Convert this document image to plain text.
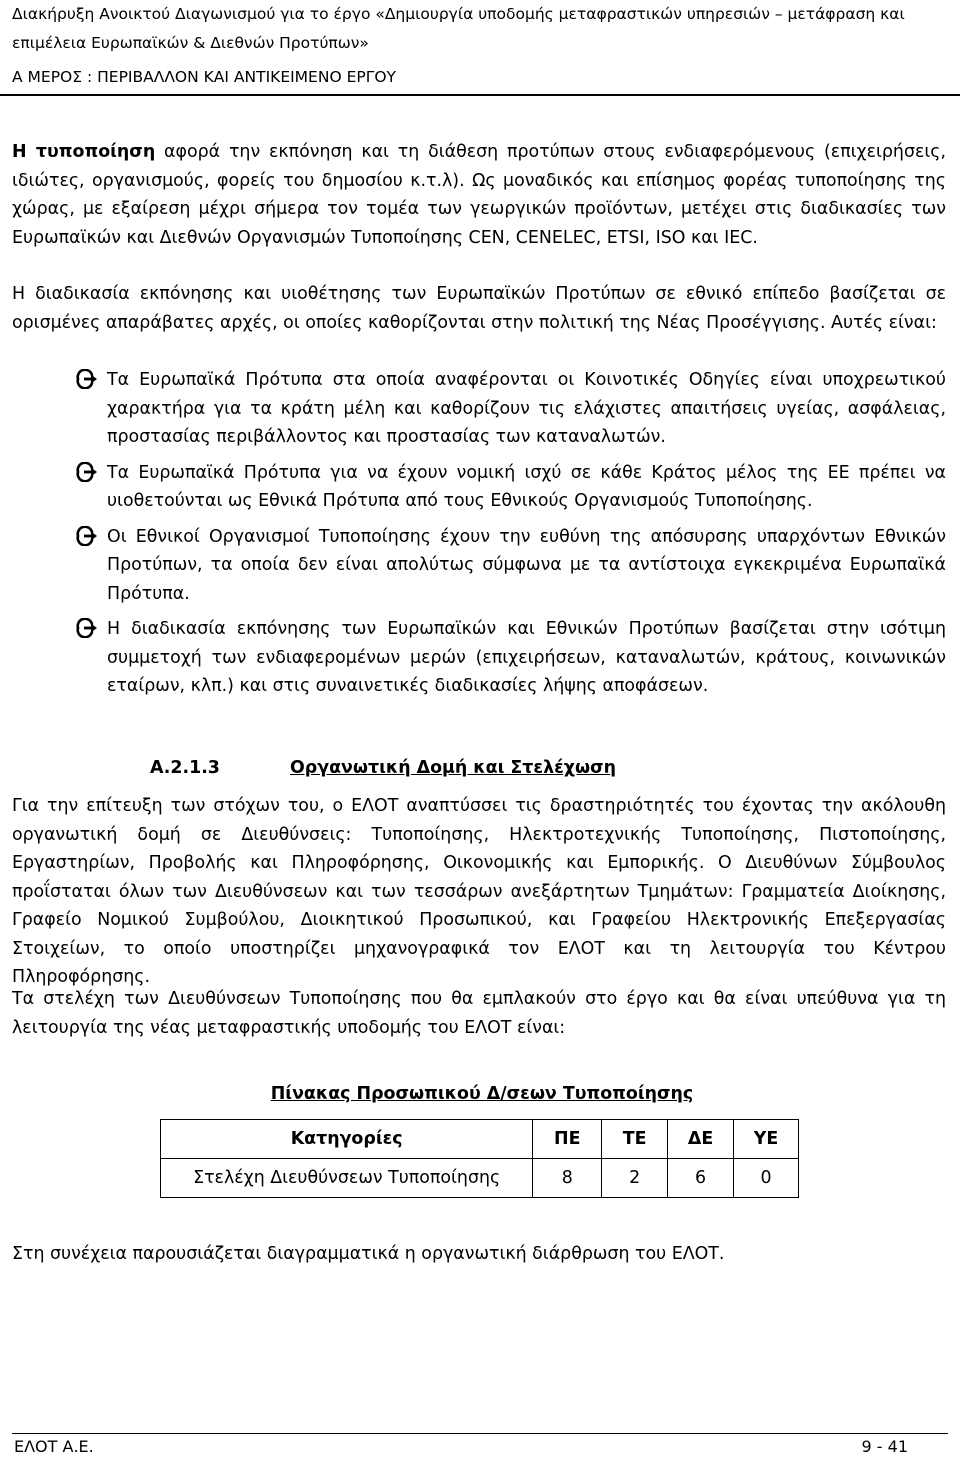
Διακήρυξη Ανοικτού Διαγωνισμού για το έργο «Δημιουργία υποδομής μεταφραστικών υπηρεσιών – μετάφραση και
επιμέλεια Ευρωπαϊκών & Διεθνών Προτύπων»
Α ΜΕΡΟΣ : ΠΕΡΙΒΑΛΛΟΝ ΚΑΙ ΑΝΤΙΚΕΙΜΕΝΟ ΕΡΓΟΥ
Η τυποποίηση αφορά την εκπόνηση και τη διάθεση προτύπων στους ενδιαφερόμενους (επιχειρήσεις, ιδιώτες, οργανισμούς, φορείς του δημοσίου κ.τ.λ). Ως μοναδικός και επίσημος φορέας τυποποίησης της χώρας, με εξαίρεση μέχρι σήμερα τον τομέα των γεωργικών προϊόντων, μετέχει στις διαδικασίες των Ευρωπαϊκών και Διεθνών Οργανισμών Τυποποίησης CEN, CENELEC, ETSI, ISO και IEC.
Η διαδικασία εκπόνησης και υιοθέτησης των Ευρωπαϊκών Προτύπων σε εθνικό επίπεδο βασίζεται σε ορισμένες απαράβατες αρχές, οι οποίες καθορίζονται στην πολιτική της Νέας Προσέγγισης. Αυτές είναι:
Τα Ευρωπαϊκά Πρότυπα στα οποία αναφέρονται οι Κοινοτικές Οδηγίες είναι υποχρεωτικού χαρακτήρα για τα κράτη μέλη και καθορίζουν τις ελάχιστες απαιτήσεις υγείας, ασφάλειας, προστασίας περιβάλλοντος και προστασίας των καταναλωτών.
Τα Ευρωπαϊκά Πρότυπα για να έχουν νομική ισχύ σε κάθε Κράτος μέλος της ΕΕ πρέπει να υιοθετούνται ως Εθνικά Πρότυπα από τους Εθνικούς Οργανισμούς Τυποποίησης.
Οι Εθνικοί Οργανισμοί Τυποποίησης έχουν την ευθύνη της απόσυρσης υπαρχόντων Εθνικών Προτύπων, τα οποία δεν είναι απολύτως σύμφωνα με τα αντίστοιχα εγκεκριμένα Ευρωπαϊκά Πρότυπα.
Η διαδικασία εκπόνησης των Ευρωπαϊκών και Εθνικών Προτύπων βασίζεται στην ισότιμη συμμετοχή των ενδιαφερομένων μερών (επιχειρήσεων, καταναλωτών, κράτους, κοινωνικών εταίρων, κλπ.) και στις συναινετικές διαδικασίες λήψης αποφάσεων.
A.2.1.3	Οργανωτική Δομή και Στελέχωση
Για την επίτευξη των στόχων του, ο ΕΛΟΤ αναπτύσσει τις δραστηριότητές του έχοντας την ακόλουθη οργανωτική δομή σε Διευθύνσεις: Τυποποίησης, Ηλεκτροτεχνικής Τυποποίησης, Πιστοποίησης, Εργαστηρίων, Προβολής και Πληροφόρησης, Οικονομικής και Εμπορικής. Ο Διευθύνων Σύμβουλος προΐσταται όλων των Διευθύνσεων και των τεσσάρων ανεξάρτητων Τμημάτων: Γραμματεία Διοίκησης, Γραφείο Νομικού Συμβούλου, Διοικητικού Προσωπικού, και Γραφείου Ηλεκτρονικής Επεξεργασίας Στοιχείων, το οποίο υποστηρίζει μηχανογραφικά τον ΕΛΟΤ και τη λειτουργία του Κέντρου Πληροφόρησης.
Τα στελέχη των Διευθύνσεων Τυποποίησης που θα εμπλακούν στο έργο και θα είναι υπεύθυνα για τη λειτουργία της νέας μεταφραστικής υποδομής του ΕΛΟΤ είναι:
Πίνακας Προσωπικού Δ/σεων Τυποποίησης
Κατηγορίες	ΠΕ	ΤΕ	ΔΕ	ΥΕ
Στελέχη Διευθύνσεων Τυποποίησης	8	2	6	0
Στη συνέχεια παρουσιάζεται διαγραμματικά η οργανωτική διάρθρωση του ΕΛΟΤ.
ΕΛΟΤ Α.Ε.	9 - 41
